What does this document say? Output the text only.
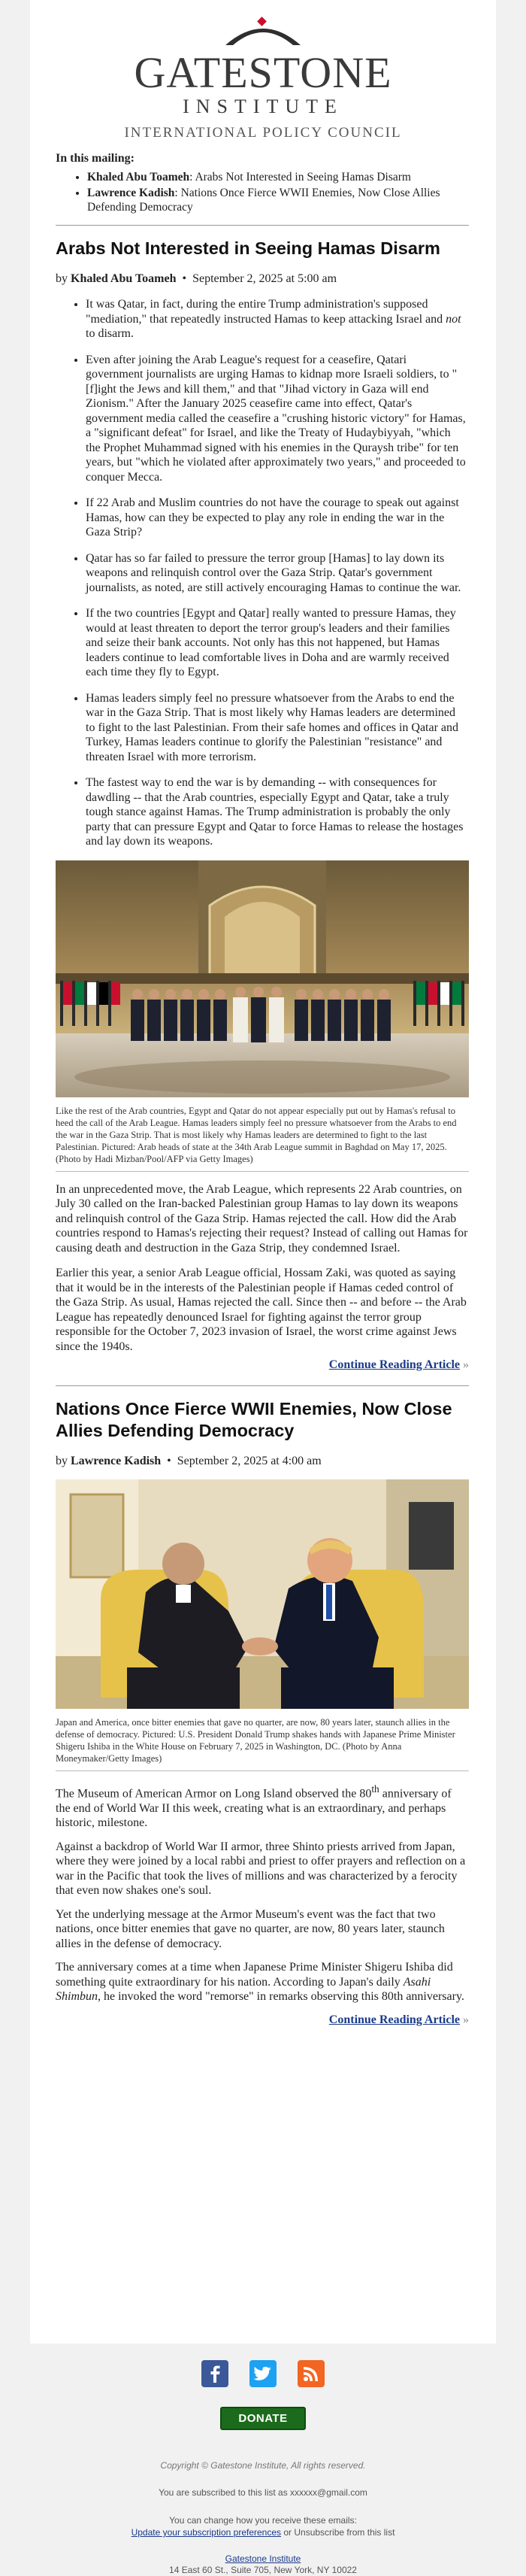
GATESTONE
INSTITUTE
INTERNATIONAL POLICY COUNCIL
In this mailing:
• Khaled Abu Toameh: Arabs Not Interested in Seeing Hamas Disarm
• Lawrence Kadish: Nations Once Fierce WWII Enemies, Now Close Allies Defending Democracy
Arabs Not Interested in Seeing Hamas Disarm
by Khaled Abu Toameh  •  September 2, 2025 at 5:00 am
• It was Qatar, in fact, during the entire Trump administration's supposed "mediation," that repeatedly instructed Hamas to keep attacking Israel and not to disarm.
• Even after joining the Arab League's request for a ceasefire, Qatari government journalists are urging Hamas to kidnap more Israeli soldiers, to "[f]ight the Jews and kill them," and that "Jihad victory in Gaza will end Zionism." After the January 2025 ceasefire came into effect, Qatar's government media called the ceasefire a "crushing historic victory" for Hamas, a "significant defeat" for Israel, and like the Treaty of Hudaybiyyah, "which the Prophet Muhammad signed with his enemies in the Quraysh tribe" for ten years, but "which he violated after approximately two years," and proceeded to conquer Mecca.
• If 22 Arab and Muslim countries do not have the courage to speak out against Hamas, how can they be expected to play any role in ending the war in the Gaza Strip?
• Qatar has so far failed to pressure the terror group [Hamas] to lay down its weapons and relinquish control over the Gaza Strip. Qatar's government journalists, as noted, are still actively encouraging Hamas to continue the war.
• If the two countries [Egypt and Qatar] really wanted to pressure Hamas, they would at least threaten to deport the terror group's leaders and their families and seize their bank accounts. Not only has this not happened, but Hamas leaders continue to lead comfortable lives in Doha and are warmly received each time they fly to Egypt.
• Hamas leaders simply feel no pressure whatsoever from the Arabs to end the war in the Gaza Strip. That is most likely why Hamas leaders are determined to fight to the last Palestinian. From their safe homes and offices in Qatar and Turkey, Hamas leaders continue to glorify the Palestinian "resistance" and threaten Israel with more terrorism.
• The fastest way to end the war is by demanding -- with consequences for dawdling -- that the Arab countries, especially Egypt and Qatar, take a truly tough stance against Hamas. The Trump administration is probably the only party that can pressure Egypt and Qatar to force Hamas to release the hostages and lay down its weapons.
Like the rest of the Arab countries, Egypt and Qatar do not appear especially put out by Hamas's refusal to heed the call of the Arab League. Hamas leaders simply feel no pressure whatsoever from the Arabs to end the war in the Gaza Strip. That is most likely why Hamas leaders are determined to fight to the last Palestinian. Pictured: Arab heads of state at the 34th Arab League summit in Baghdad on May 17, 2025. (Photo by Hadi Mizban/Pool/AFP via Getty Images)

In an unprecedented move, the Arab League, which represents 22 Arab countries, on July 30 called on the Iran-backed Palestinian group Hamas to lay down its weapons and relinquish control of the Gaza Strip. Hamas rejected the call. How did the Arab countries respond to Hamas's rejecting their request? Instead of calling out Hamas for causing death and destruction in the Gaza Strip, they condemned Israel.

Earlier this year, a senior Arab League official, Hossam Zaki, was quoted as saying that it would be in the interests of the Palestinian people if Hamas ceded control of the Gaza Strip. As usual, Hamas rejected the call. Since then -- and before -- the Arab League has repeatedly denounced Israel for fighting against the terror group responsible for the October 7, 2023 invasion of Israel, the worst crime against Jews since the 1940s.

Continue Reading Article »
Nations Once Fierce WWII Enemies, Now Close Allies Defending Democracy
by Lawrence Kadish  •  September 2, 2025 at 4:00 am
Japan and America, once bitter enemies that gave no quarter, are now, 80 years later, staunch allies in the defense of democracy. Pictured: U.S. President Donald Trump shakes hands with Japanese Prime Minister Shigeru Ishiba in the White House on February 7, 2025 in Washington, DC. (Photo by Anna Moneymaker/Getty Images)

The Museum of American Armor on Long Island observed the 80th anniversary of the end of World War II this week, creating what is an extraordinary, and perhaps historic, milestone.

Against a backdrop of World War II armor, three Shinto priests arrived from Japan, where they were joined by a local rabbi and priest to offer prayers and reflection on a war in the Pacific that took the lives of millions and was characterized by a ferocity that even now shakes one's soul.

Yet the underlying message at the Armor Museum's event was the fact that two nations, once bitter enemies that gave no quarter, are now, 80 years later, staunch allies in the defense of democracy.

The anniversary comes at a time when Japanese Prime Minister Shigeru Ishiba did something quite extraordinary for his nation. According to Japan's daily Asahi Shimbun, he invoked the word "remorse" in remarks observing this 80th anniversary.

Continue Reading Article »

DONATE
Copyright © Gatestone Institute, All rights reserved.
You are subscribed to this list as xxxxxx@gmail.com
You can change how you receive these emails:
Update your subscription preferences or Unsubscribe from this list
Gatestone Institute
14 East 60 St., Suite 705, New York, NY 10022
